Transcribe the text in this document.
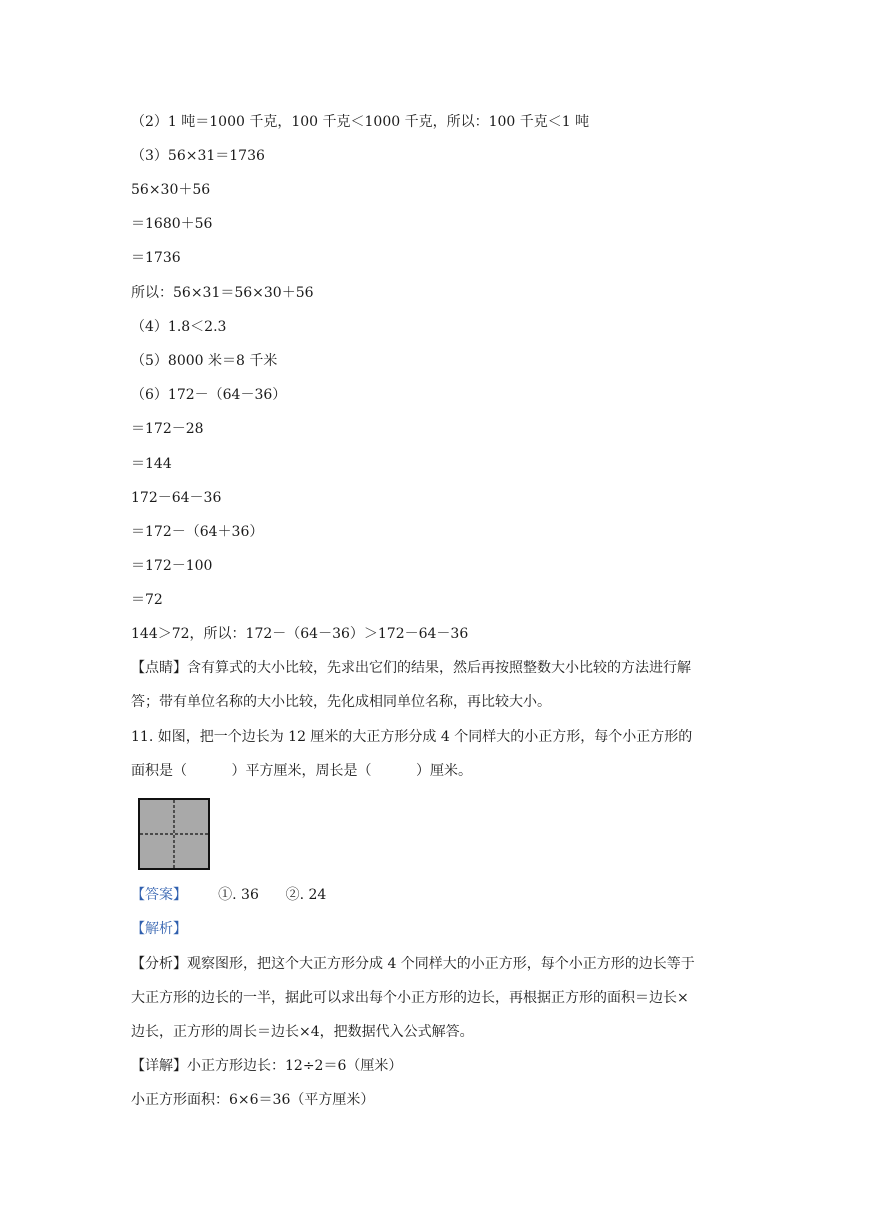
（2）1 吨＝1000 千克，100 千克＜1000 千克，所以：100 千克＜1 吨
（3）56×31＝1736
56×30＋56
＝1680＋56
＝1736
所以：56×31＝56×30＋56
（4）1.8＜2.3
（5）8000 米＝8 千米
（6）172－（64－36）
＝172－28
＝144
172－64－36
＝172－（64＋36）
＝172－100
＝72
144＞72，所以：172－（64－36）＞172－64－36
【点睛】含有算式的大小比较，先求出它们的结果，然后再按照整数大小比较的方法进行解
答；带有单位名称的大小比较，先化成相同单位名称，再比较大小。
11. 如图，把一个边长为 12 厘米的大正方形分成 4 个同样大的小正方形，每个小正方形的
面积是（          ）平方厘米，周长是（          ）厘米。
【答案】 ①. 36      ②. 24
【解析】
【分析】观察图形，把这个大正方形分成 4 个同样大的小正方形，每个小正方形的边长等于
大正方形的边长的一半，据此可以求出每个小正方形的边长，再根据正方形的面积＝边长×
边长，正方形的周长＝边长×4，把数据代入公式解答。
【详解】小正方形边长：12÷2＝6（厘米）
小正方形面积：6×6＝36（平方厘米）
